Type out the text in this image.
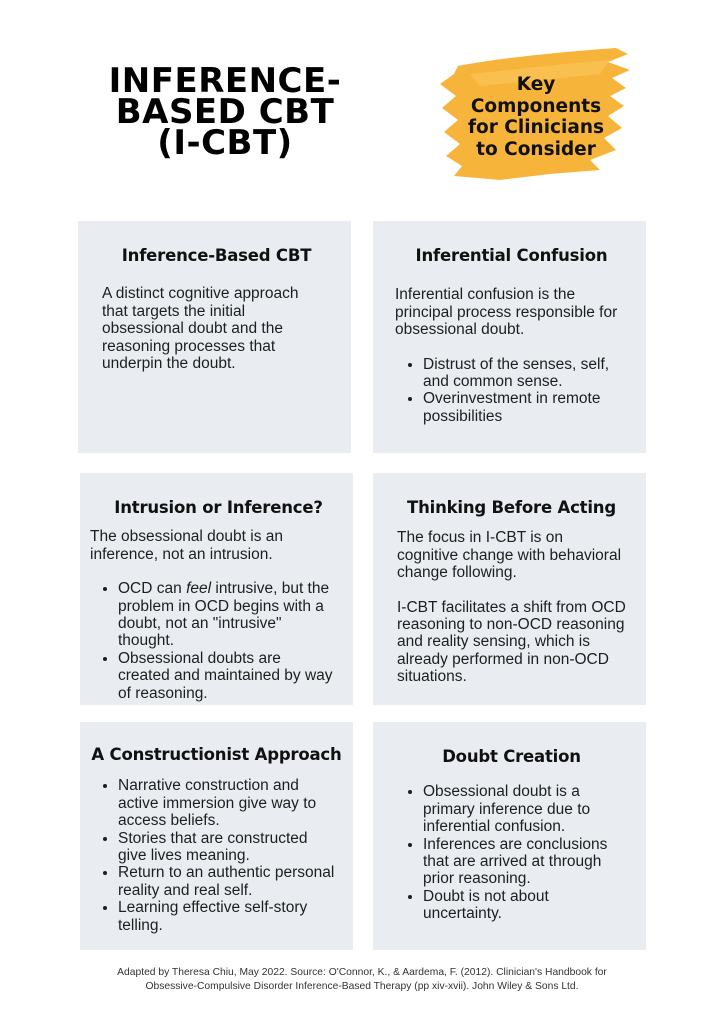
INFERENCE-
BASED CBT
(I-CBT)
Key
Components
for Clinicians
to Consider
Inference-Based CBT

A distinct cognitive approach that targets the initial obsessional doubt and the reasoning processes that underpin the doubt.

Inferential Confusion

Inferential confusion is the principal process responsible for obsessional doubt.

• Distrust of the senses, self, and common sense.
• Overinvestment in remote possibilities
Intrusion or Inference?

The obsessional doubt is an inference, not an intrusion.

• OCD can feel intrusive, but the problem in OCD begins with a doubt, not an "intrusive" thought.
• Obsessional doubts are created and maintained by way of reasoning.
Thinking Before Acting

The focus in I-CBT is on cognitive change with behavioral change following.

I-CBT facilitates a shift from OCD reasoning to non-OCD reasoning and reality sensing, which is already performed in non-OCD situations.

A Constructionist Approach
• Narrative construction and active immersion give way to access beliefs.
• Stories that are constructed give lives meaning.
• Return to an authentic personal reality and real self.
• Learning effective self-story telling.
Doubt Creation
• Obsessional doubt is a primary inference due to inferential confusion.
• Inferences are conclusions that are arrived at through prior reasoning.
• Doubt is not about uncertainty.
Adapted by Theresa Chiu, May 2022. Source: O'Connor, K., & Aardema, F. (2012). Clinician's Handbook for
Obsessive-Compulsive Disorder Inference-Based Therapy (pp xiv-xvii). John Wiley & Sons Ltd.
